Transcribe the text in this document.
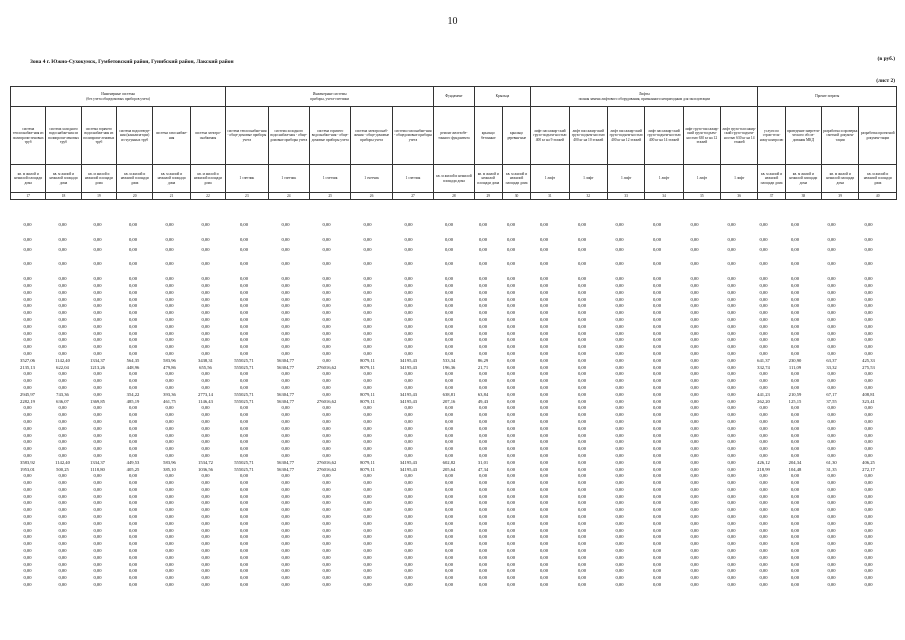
10
Зона 4 г. Южно-Сухокумск, Гумбетовский район, Гунибский район, Лакский район	(в руб.)
(лист 2)
Инженерные системы
(без учета общедомовых приборов учета)						Инженерные системы
приборы, учета-счетчики					Фундамент	Крыльца		Лифты
полная замена лифтового оборудования, признанного непригодным для эксплуатации						Прочие затраты			
система теплоснабже-ния из полипропи-леновых труб	система холодного водоснабже-ния из полипропи-леновых труб	система горячего водоснабже-ния из полипропи-леновых труб	система водоотведе-ния (канализа-ции) из чугунных труб	система газоснабже-ния	система электро-снабжения	система теплоснабже-ния - обще-домовые приборы учета	система холодного водоснабже-ния - обще-домовые приборы учета	система горячего водоснабже-ния - обще-домовые приборы учета	система электроснаб-жения - обще-домовые приборы учета	система газоснабже-ния - общедомовые приборы учета	ремонт железобе-тонного фундамента	крыльцо бетонные	крыльцо деревян-ные	лифт пассажир-ский грузо-подъем-ностью 400 кг на 9 этажей	лифт пассажир-ский грузо-подъем-ностью 400 кг на 10 этажей	лифт пассажир-ский грузо-подъем-ностью 400 кг на 12 этажей	лифт пассажир-ский грузо-подъем-ностью 400 кг на 14 этажей	лифт грузо-пассажир-ский грузо-подъем-ностью 630 кг на 12 этажей	лифт грузо-пассажир-ский грузо-подъем-ностью 630 кг на 14 этажей	услуги по строи-тель-ному контролю	проведение энергети-ческого обсле-дования МКД	разработка и проверка сметной докумен-тации	разработка проектной докумен-тации
кв. м жилой и нежилой площади дома	кв. м жилой и нежилой площади дома	кв. м жилой и нежилой площади дома	кв. м жилой и нежилой площади дома	кв. м жилой и нежилой площади дома	кв. м жилой и нежилой площади дома	1 счетчик	1 счетчик	1 счетчик	1 счетчик	1 счетчик	кв. м жилой и нежилой площади дома	кв. м жилой и нежилой площади дома	кв. м жилой и нежилой площади дома	1 лифт	1 лифт	1 лифт	1 лифт	1 лифт	1 лифт	кв. м жилой и нежилой площади дома	кв. м жилой и нежилой площади дома	кв. м жилой и нежилой площади дома	кв. м жилой и нежилой площади дома
17	18	19	20	21	22	23	24	25	26	27	28	29	30	31	32	33	34	35	36	37	38	39	40
0,00	0,00	0,00	0,00	0,00	0,00	0,00	0,00	0,00	0,00	0,00	0,00	0,00	0,00	0,00	0,00	0,00	0,00	0,00	0,00	0,00	0,00	0,00	0,00
0,00	0,00	0,00	0,00	0,00	0,00	0,00	0,00	0,00	0,00	0,00	0,00	0,00	0,00	0,00	0,00	0,00	0,00	0,00	0,00	0,00	0,00	0,00	0,00
0,00	0,00	0,00	0,00	0,00	0,00	0,00	0,00	0,00	0,00	0,00	0,00	0,00	0,00	0,00	0,00	0,00	0,00	0,00	0,00	0,00	0,00	0,00	0,00
0,00	0,00	0,00	0,00	0,00	0,00	0,00	0,00	0,00	0,00	0,00	0,00	0,00	0,00	0,00	0,00	0,00	0,00	0,00	0,00	0,00	0,00	0,00	0,00
0,00	0,00	0,00	0,00	0,00	0,00	0,00	0,00	0,00	0,00	0,00	0,00	0,00	0,00	0,00	0,00	0,00	0,00	0,00	0,00	0,00	0,00	0,00	0,00
0,00	0,00	0,00	0,00	0,00	0,00	0,00	0,00	0,00	0,00	0,00	0,00	0,00	0,00	0,00	0,00	0,00	0,00	0,00	0,00	0,00	0,00	0,00	0,00
0,00	0,00	0,00	0,00	0,00	0,00	0,00	0,00	0,00	0,00	0,00	0,00	0,00	0,00	0,00	0,00	0,00	0,00	0,00	0,00	0,00	0,00	0,00	0,00
0,00	0,00	0,00	0,00	0,00	0,00	0,00	0,00	0,00	0,00	0,00	0,00	0,00	0,00	0,00	0,00	0,00	0,00	0,00	0,00	0,00	0,00	0,00	0,00
0,00	0,00	0,00	0,00	0,00	0,00	0,00	0,00	0,00	0,00	0,00	0,00	0,00	0,00	0,00	0,00	0,00	0,00	0,00	0,00	0,00	0,00	0,00	0,00
0,00	0,00	0,00	0,00	0,00	0,00	0,00	0,00	0,00	0,00	0,00	0,00	0,00	0,00	0,00	0,00	0,00	0,00	0,00	0,00	0,00	0,00	0,00	0,00
0,00	0,00	0,00	0,00	0,00	0,00	0,00	0,00	0,00	0,00	0,00	0,00	0,00	0,00	0,00	0,00	0,00	0,00	0,00	0,00	0,00	0,00	0,00	0,00
0,00	0,00	0,00	0,00	0,00	0,00	0,00	0,00	0,00	0,00	0,00	0,00	0,00	0,00	0,00	0,00	0,00	0,00	0,00	0,00	0,00	0,00	0,00	0,00
0,00	0,00	0,00	0,00	0,00	0,00	0,00	0,00	0,00	0,00	0,00	0,00	0,00	0,00	0,00	0,00	0,00	0,00	0,00	0,00	0,00	0,00	0,00	0,00
0,00	0,00	0,00	0,00	0,00	0,00	0,00	0,00	0,00	0,00	0,00	0,00	0,00	0,00	0,00	0,00	0,00	0,00	0,00	0,00	0,00	0,00	0,00	0,00
0,00	0,00	0,00	0,00	0,00	0,00	0,00	0,00	0,00	0,00	0,00	0,00	0,00	0,00	0,00	0,00	0,00	0,00	0,00	0,00	0,00	0,00	0,00	0,00
0,00	0,00	0,00	0,00	0,00	0,00	0,00	0,00	0,00	0,00	0,00	0,00	0,00	0,00	0,00	0,00	0,00	0,00	0,00	0,00	0,00	0,00	0,00	0,00
3527,06	1142,40	1334,37	564,35	583,96	3438,31	555025,71	56304,77	0,00	8079,11	34195,43	533,34	86,29	0,00	0,00	0,00	0,00	0,00	0,00	0,00	641,37	230,90	63,37	425,33
2135,13	622,04	1213,26	448,96	479,86	655,56	555025,71	56304,77	276016,62	8079,11	34195,43	196,36	21,71	0,00	0,00	0,00	0,00	0,00	0,00	0,00	332,74	111,09	33,32	275,53
0,00	0,00	0,00	0,00	0,00	0,00	0,00	0,00	0,00	0,00	0,00	0,00	0,00	0,00	0,00	0,00	0,00	0,00	0,00	0,00	0,00	0,00	0,00	0,00
0,00	0,00	0,00	0,00	0,00	0,00	0,00	0,00	0,00	0,00	0,00	0,00	0,00	0,00	0,00	0,00	0,00	0,00	0,00	0,00	0,00	0,00	0,00	0,00
0,00	0,00	0,00	0,00	0,00	0,00	0,00	0,00	0,00	0,00	0,00	0,00	0,00	0,00	0,00	0,00	0,00	0,00	0,00	0,00	0,00	0,00	0,00	0,00
2945,97	743,36	0,00	354,22	393,36	2773,14	555025,71	56304,77	0,00	8079,11	34195,43	638,81	63,84	0,00	0,00	0,00	0,00	0,00	0,00	0,00	441,23	210,59	67,17	408,81
2282,19	636,07	1369,85	485,19	461,75	1146,43	555025,71	56304,77	276016,62	8079,11	34195,43	207,16	49,43	0,00	0,00	0,00	0,00	0,00	0,00	0,00	262,20	125,15	37,55	323,41
0,00	0,00	0,00	0,00	0,00	0,00	0,00	0,00	0,00	0,00	0,00	0,00	0,00	0,00	0,00	0,00	0,00	0,00	0,00	0,00	0,00	0,00	0,00	0,00
0,00	0,00	0,00	0,00	0,00	0,00	0,00	0,00	0,00	0,00	0,00	0,00	0,00	0,00	0,00	0,00	0,00	0,00	0,00	0,00	0,00	0,00	0,00	0,00
0,00	0,00	0,00	0,00	0,00	0,00	0,00	0,00	0,00	0,00	0,00	0,00	0,00	0,00	0,00	0,00	0,00	0,00	0,00	0,00	0,00	0,00	0,00	0,00
0,00	0,00	0,00	0,00	0,00	0,00	0,00	0,00	0,00	0,00	0,00	0,00	0,00	0,00	0,00	0,00	0,00	0,00	0,00	0,00	0,00	0,00	0,00	0,00
0,00	0,00	0,00	0,00	0,00	0,00	0,00	0,00	0,00	0,00	0,00	0,00	0,00	0,00	0,00	0,00	0,00	0,00	0,00	0,00	0,00	0,00	0,00	0,00
0,00	0,00	0,00	0,00	0,00	0,00	0,00	0,00	0,00	0,00	0,00	0,00	0,00	0,00	0,00	0,00	0,00	0,00	0,00	0,00	0,00	0,00	0,00	0,00
0,00	0,00	0,00	0,00	0,00	0,00	0,00	0,00	0,00	0,00	0,00	0,00	0,00	0,00	0,00	0,00	0,00	0,00	0,00	0,00	0,00	0,00	0,00	0,00
0,00	0,00	0,00	0,00	0,00	0,00	0,00	0,00	0,00	0,00	0,00	0,00	0,00	0,00	0,00	0,00	0,00	0,00	0,00	0,00	0,00	0,00	0,00	0,00
3583,92	1142,40	1334,37	449,53	583,96	1534,72	555025,71	56304,77	276016,62	8079,11	34195,43	602,82	31,01	0,00	0,00	0,00	0,00	0,00	0,00	0,00	426,12	204,34	61,30	406,25
1953,01	500,25	1118,80	405,25	385,10	1036,56	555025,71	56304,77	276016,62	8079,11	34195,43	205,64	47,34	0,00	0,00	0,00	0,00	0,00	0,00	0,00	218,99	104,48	31,35	272,17
0,00	0,00	0,00	0,00	0,00	0,00	0,00	0,00	0,00	0,00	0,00	0,00	0,00	0,00	0,00	0,00	0,00	0,00	0,00	0,00	0,00	0,00	0,00	0,00
0,00	0,00	0,00	0,00	0,00	0,00	0,00	0,00	0,00	0,00	0,00	0,00	0,00	0,00	0,00	0,00	0,00	0,00	0,00	0,00	0,00	0,00	0,00	0,00
0,00	0,00	0,00	0,00	0,00	0,00	0,00	0,00	0,00	0,00	0,00	0,00	0,00	0,00	0,00	0,00	0,00	0,00	0,00	0,00	0,00	0,00	0,00	0,00
0,00	0,00	0,00	0,00	0,00	0,00	0,00	0,00	0,00	0,00	0,00	0,00	0,00	0,00	0,00	0,00	0,00	0,00	0,00	0,00	0,00	0,00	0,00	0,00
0,00	0,00	0,00	0,00	0,00	0,00	0,00	0,00	0,00	0,00	0,00	0,00	0,00	0,00	0,00	0,00	0,00	0,00	0,00	0,00	0,00	0,00	0,00	0,00
0,00	0,00	0,00	0,00	0,00	0,00	0,00	0,00	0,00	0,00	0,00	0,00	0,00	0,00	0,00	0,00	0,00	0,00	0,00	0,00	0,00	0,00	0,00	0,00
0,00	0,00	0,00	0,00	0,00	0,00	0,00	0,00	0,00	0,00	0,00	0,00	0,00	0,00	0,00	0,00	0,00	0,00	0,00	0,00	0,00	0,00	0,00	0,00
0,00	0,00	0,00	0,00	0,00	0,00	0,00	0,00	0,00	0,00	0,00	0,00	0,00	0,00	0,00	0,00	0,00	0,00	0,00	0,00	0,00	0,00	0,00	0,00
0,00	0,00	0,00	0,00	0,00	0,00	0,00	0,00	0,00	0,00	0,00	0,00	0,00	0,00	0,00	0,00	0,00	0,00	0,00	0,00	0,00	0,00	0,00	0,00
0,00	0,00	0,00	0,00	0,00	0,00	0,00	0,00	0,00	0,00	0,00	0,00	0,00	0,00	0,00	0,00	0,00	0,00	0,00	0,00	0,00	0,00	0,00	0,00
0,00	0,00	0,00	0,00	0,00	0,00	0,00	0,00	0,00	0,00	0,00	0,00	0,00	0,00	0,00	0,00	0,00	0,00	0,00	0,00	0,00	0,00	0,00	0,00
0,00	0,00	0,00	0,00	0,00	0,00	0,00	0,00	0,00	0,00	0,00	0,00	0,00	0,00	0,00	0,00	0,00	0,00	0,00	0,00	0,00	0,00	0,00	0,00
0,00	0,00	0,00	0,00	0,00	0,00	0,00	0,00	0,00	0,00	0,00	0,00	0,00	0,00	0,00	0,00	0,00	0,00	0,00	0,00	0,00	0,00	0,00	0,00
0,00	0,00	0,00	0,00	0,00	0,00	0,00	0,00	0,00	0,00	0,00	0,00	0,00	0,00	0,00	0,00	0,00	0,00	0,00	0,00	0,00	0,00	0,00	0,00
0,00	0,00	0,00	0,00	0,00	0,00	0,00	0,00	0,00	0,00	0,00	0,00	0,00	0,00	0,00	0,00	0,00	0,00	0,00	0,00	0,00	0,00	0,00	0,00
0,00	0,00	0,00	0,00	0,00	0,00	0,00	0,00	0,00	0,00	0,00	0,00	0,00	0,00	0,00	0,00	0,00	0,00	0,00	0,00	0,00	0,00	0,00	0,00
0,00	0,00	0,00	0,00	0,00	0,00	0,00	0,00	0,00	0,00	0,00	0,00	0,00	0,00	0,00	0,00	0,00	0,00	0,00	0,00	0,00	0,00	0,00	0,00
